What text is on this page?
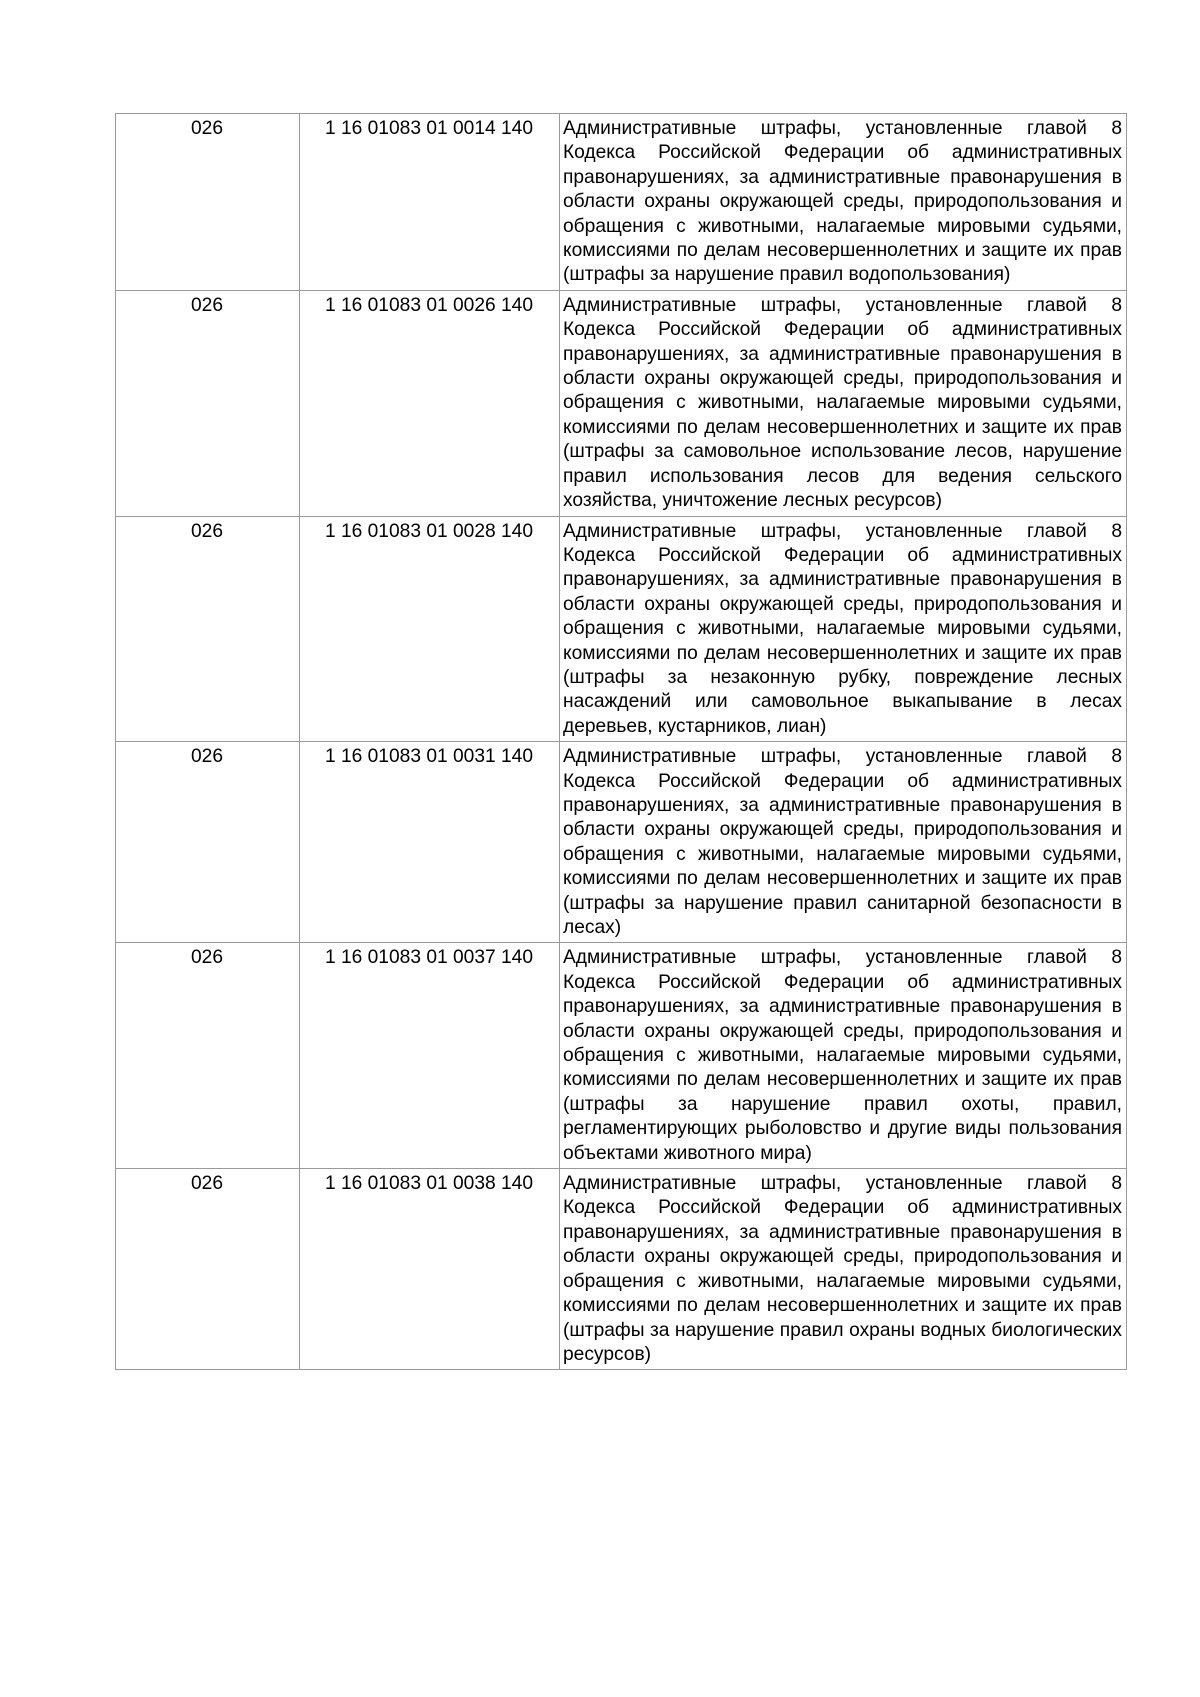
026	1 16 01083 01 0014 140	Административные штрафы, установленные главой 8 Кодекса Российской Федерации об административных правонарушениях, за административные правонарушения в области охраны окружающей среды, природопользования и обращения с животными, налагаемые мировыми судьями, комиссиями по делам несовершеннолетних и защите их прав (штрафы за нарушение правил водопользования)
026	1 16 01083 01 0026 140	Административные штрафы, установленные главой 8 Кодекса Российской Федерации об административных правонарушениях, за административные правонарушения в области охраны окружающей среды, природопользования и обращения с животными, налагаемые мировыми судьями, комиссиями по делам несовершеннолетних и защите их прав (штрафы за самовольное использование лесов, нарушение правил использования лесов для ведения сельского хозяйства, уничтожение лесных ресурсов)
026	1 16 01083 01 0028 140	Административные штрафы, установленные главой 8 Кодекса Российской Федерации об административных правонарушениях, за административные правонарушения в области охраны окружающей среды, природопользования и обращения с животными, налагаемые мировыми судьями, комиссиями по делам несовершеннолетних и защите их прав (штрафы за незаконную рубку, повреждение лесных насаждений или самовольное выкапывание в лесах деревьев, кустарников, лиан)
026	1 16 01083 01 0031 140	Административные штрафы, установленные главой 8 Кодекса Российской Федерации об административных правонарушениях, за административные правонарушения в области охраны окружающей среды, природопользования и обращения с животными, налагаемые мировыми судьями, комиссиями по делам несовершеннолетних и защите их прав (штрафы за нарушение правил санитарной безопасности в лесах)
026	1 16 01083 01 0037 140	Административные штрафы, установленные главой 8 Кодекса Российской Федерации об административных правонарушениях, за административные правонарушения в области охраны окружающей среды, природопользования и обращения с животными, налагаемые мировыми судьями, комиссиями по делам несовершеннолетних и защите их прав (штрафы за нарушение правил охоты, правил, регламентирующих рыболовство и другие виды пользования объектами животного мира)
026	1 16 01083 01 0038 140	Административные штрафы, установленные главой 8 Кодекса Российской Федерации об административных правонарушениях, за административные правонарушения в области охраны окружающей среды, природопользования и обращения с животными, налагаемые мировыми судьями, комиссиями по делам несовершеннолетних и защите их прав (штрафы за нарушение правил охраны водных биологических ресурсов)
